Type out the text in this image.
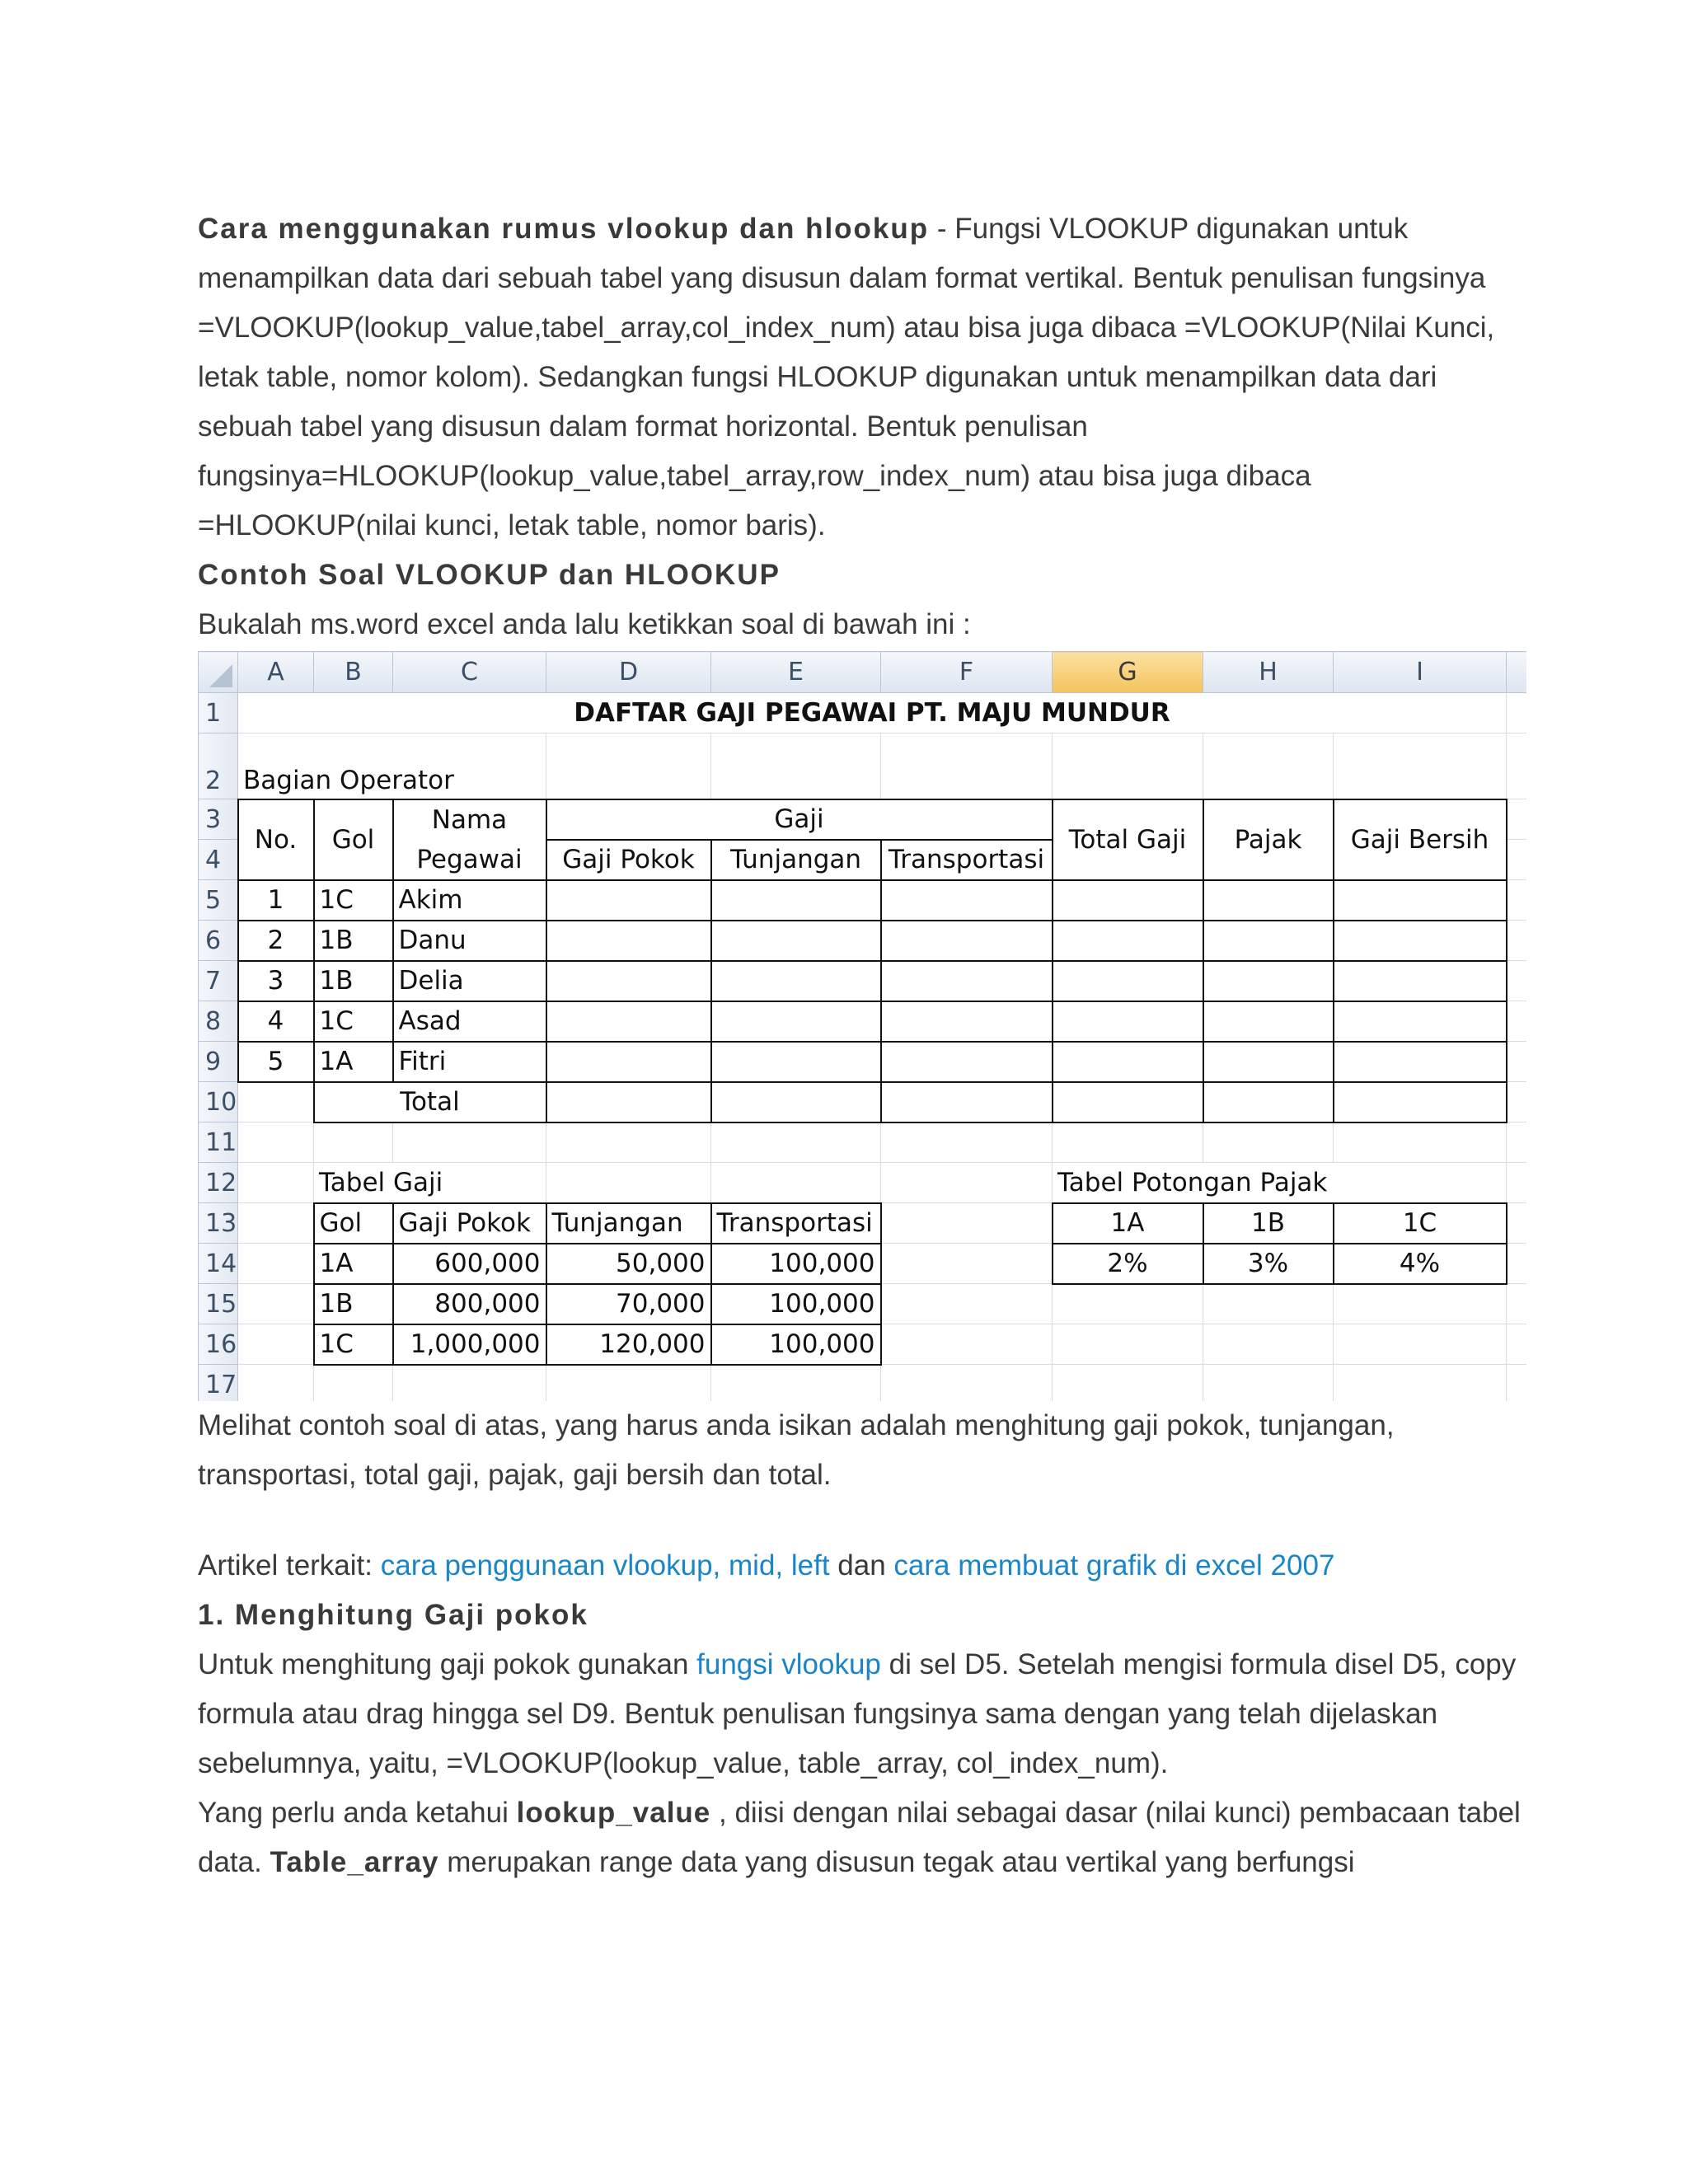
Cara menggunakan rumus vlookup dan hlookup - Fungsi VLOOKUP digunakan untuk menampilkan data dari sebuah tabel yang disusun dalam format vertikal. Bentuk penulisan fungsinya =VLOOKUP(lookup_value,tabel_array,col_index_num) atau bisa juga dibaca =VLOOKUP(Nilai Kunci, letak table, nomor kolom). Sedangkan fungsi HLOOKUP digunakan untuk menampilkan data dari sebuah tabel yang disusun dalam format horizontal. Bentuk penulisan fungsinya=HLOOKUP(lookup_value,tabel_array,row_index_num) atau bisa juga dibaca =HLOOKUP(nilai kunci, letak table, nomor baris).

Contoh Soal VLOOKUP dan HLOOKUP

Bukalah ms.word excel anda lalu ketikkan soal di bawah ini :

	A	B	C	D	E	F	G	H	I	
1	DAFTAR GAJI PEGAWAI PT. MAJU MUNDUR									
2	Bagian Operator									
3	No.	Gol	Nama	Gaji			Total Gaji	Pajak	Gaji Bersih	
4			Pegawai	Gaji Pokok	Tunjangan	Transportasi				
5	1	1C	Akim							
6	2	1B	Danu							
7	3	1B	Delia							
8	4	1C	Asad							
9	5	1A	Fitri							
10		Total								
11										
12		Tabel Gaji					Tabel Potongan Pajak			
13		Gol	Gaji Pokok	Tunjangan	Transportasi		1A	1B	1C	
14		1A	600,000	50,000	100,000		2%	3%	4%	
15		1B	800,000	70,000	100,000					
16		1C	1,000,000	120,000	100,000					
17										

Melihat contoh soal di atas, yang harus anda isikan adalah menghitung gaji pokok, tunjangan, transportasi, total gaji, pajak, gaji bersih dan total.

Artikel terkait: cara penggunaan vlookup, mid, left dan cara membuat grafik di excel 2007

1. Menghitung Gaji pokok

Untuk menghitung gaji pokok gunakan fungsi vlookup di sel D5. Setelah mengisi formula disel D5, copy formula atau drag hingga sel D9. Bentuk penulisan fungsinya sama dengan yang telah dijelaskan sebelumnya, yaitu, =VLOOKUP(lookup_value, table_array, col_index_num).

Yang perlu anda ketahui lookup_value , diisi dengan nilai sebagai dasar (nilai kunci) pembacaan tabel data. Table_array merupakan range data yang disusun tegak atau vertikal yang berfungsi
